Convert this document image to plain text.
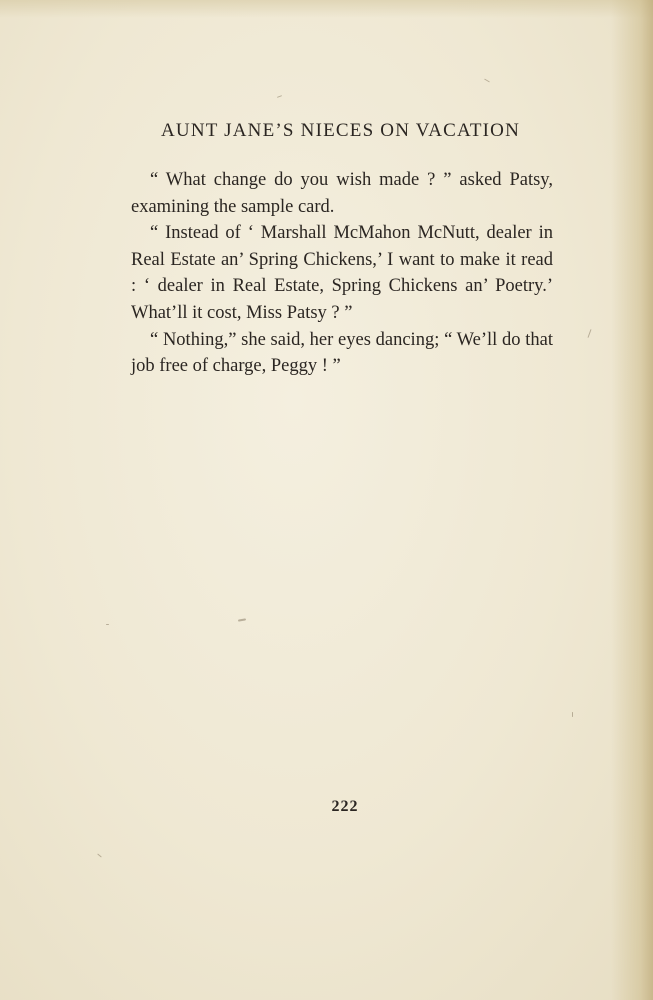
AUNT JANE’S NIECES ON VACATION

“ What change do you wish made ? ” asked Patsy, examining the sample card.

“ Instead of ‘ Marshall McMahon McNutt, dealer in Real Estate an’ Spring Chickens,’ I want to make it read : ‘ dealer in Real Estate, Spring Chickens an’ Poetry.’ What’ll it cost, Miss Patsy ? ”

“ Nothing,” she said, her eyes dancing; “ We’ll do that job free of charge, Peggy ! ”

222
